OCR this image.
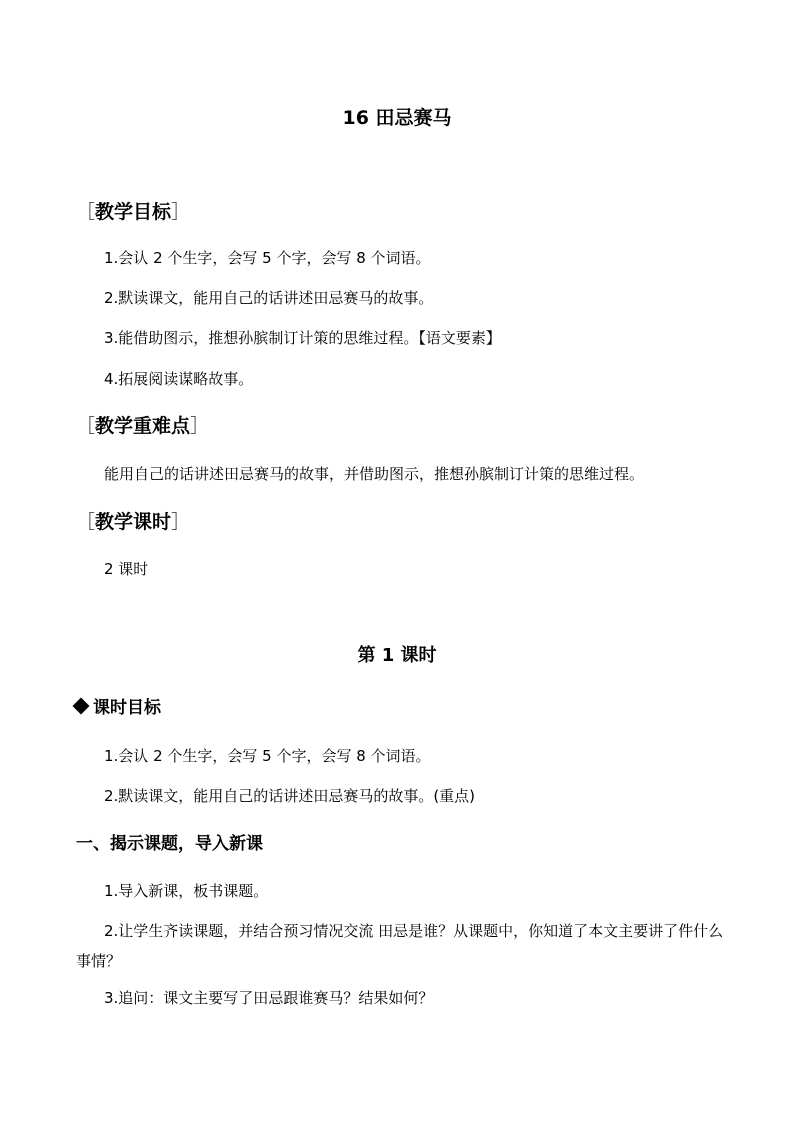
16 田忌赛马
［教学目标］
1.会认 2 个生字，会写 5 个字，会写 8 个词语。
2.默读课文，能用自己的话讲述田忌赛马的故事。
3.能借助图示，推想孙膑制订计策的思维过程。【语文要素】
4.拓展阅读谋略故事。
［教学重难点］
能用自己的话讲述田忌赛马的故事，并借助图示，推想孙膑制订计策的思维过程。
［教学课时］
2 课时
第 1 课时
课时目标
1.会认 2 个生字，会写 5 个字，会写 8 个词语。
2.默读课文，能用自己的话讲述田忌赛马的故事。(重点)
一、揭示课题，导入新课
1.导入新课，板书课题。
2.让学生齐读课题，并结合预习情况交流 田忌是谁？从课题中，你知道了本文主要讲了件什么事情？
3.追问：课文主要写了田忌跟谁赛马？结果如何？
